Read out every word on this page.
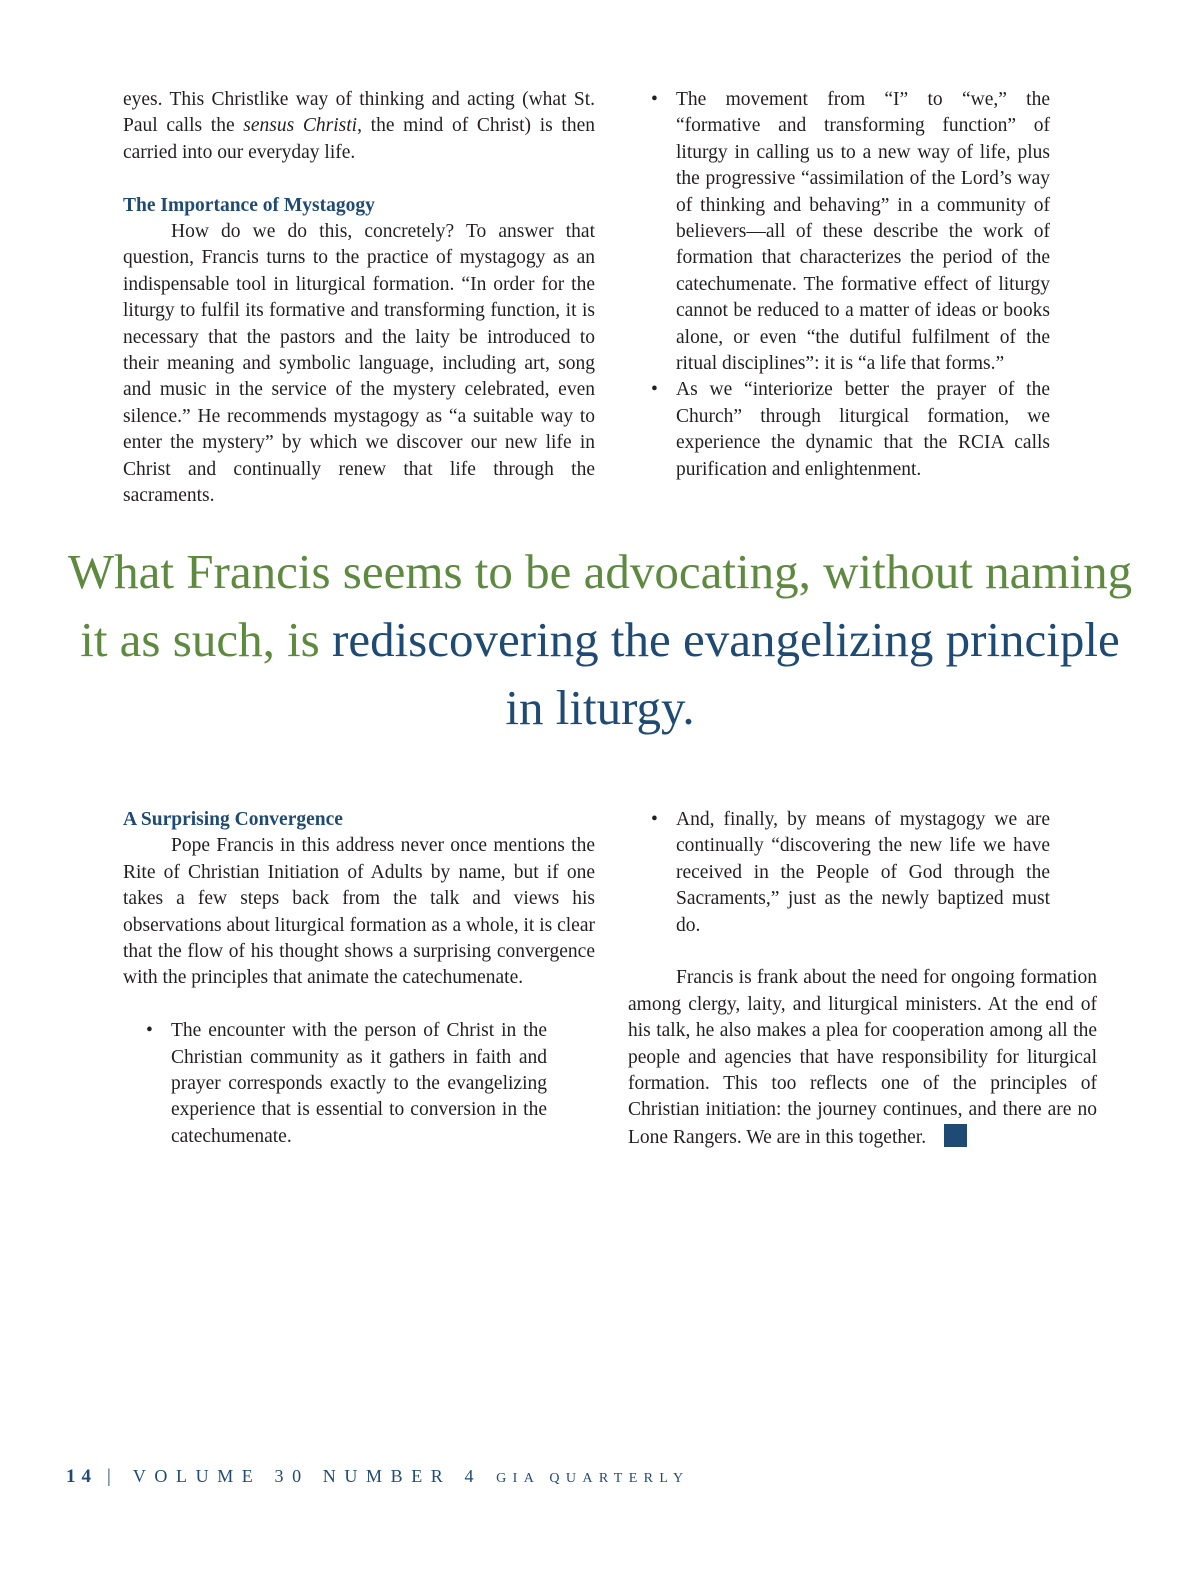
eyes. This Christlike way of thinking and acting (what St. Paul calls the sensus Christi, the mind of Christ) is then carried into our everyday life.

The Importance of Mystagogy

How do we do this, concretely? To answer that question, Francis turns to the practice of mystagogy as an indispensable tool in liturgical formation. “In order for the liturgy to fulfil its formative and transforming function, it is necessary that the pastors and the laity be introduced to their meaning and symbolic language, including art, song and music in the service of the mystery celebrated, even silence.” He recommends mystagogy as “a suitable way to enter the mystery” by which we discover our new life in Christ and continually renew that life through the sacraments.

• The movement from “I” to “we,” the “formative and transforming function” of liturgy in calling us to a new way of life, plus the progressive “assimilation of the Lord’s way of thinking and behaving” in a community of believers—all of these describe the work of formation that characterizes the period of the catechumenate. The formative effect of liturgy cannot be reduced to a matter of ideas or books alone, or even “the dutiful fulfilment of the ritual disciplines”: it is “a life that forms.”
• As we “interiorize better the prayer of the Church” through liturgical formation, we experience the dynamic that the RCIA calls purification and enlightenment.
What Francis seems to be advocating, without naming it as such, is rediscovering the evangelizing principle in liturgy.

A Surprising Convergence

Pope Francis in this address never once mentions the Rite of Christian Initiation of Adults by name, but if one takes a few steps back from the talk and views his observations about liturgical formation as a whole, it is clear that the flow of his thought shows a surprising convergence with the principles that animate the catechumenate.

• The encounter with the person of Christ in the Christian community as it gathers in faith and prayer corresponds exactly to the evangelizing experience that is essential to conversion in the catechumenate.
• And, finally, by means of mystagogy we are continually “discovering the new life we have received in the People of God through the Sacraments,” just as the newly baptized must do.

Francis is frank about the need for ongoing formation among clergy, laity, and liturgical ministers. At the end of his talk, he also makes a plea for cooperation among all the people and agencies that have responsibility for liturgical formation. This too reflects one of the principles of Christian initiation: the journey continues, and there are no Lone Rangers. We are in this together.

14 | VOLUME 30 NUMBER 4 GIA QUARTERLY
